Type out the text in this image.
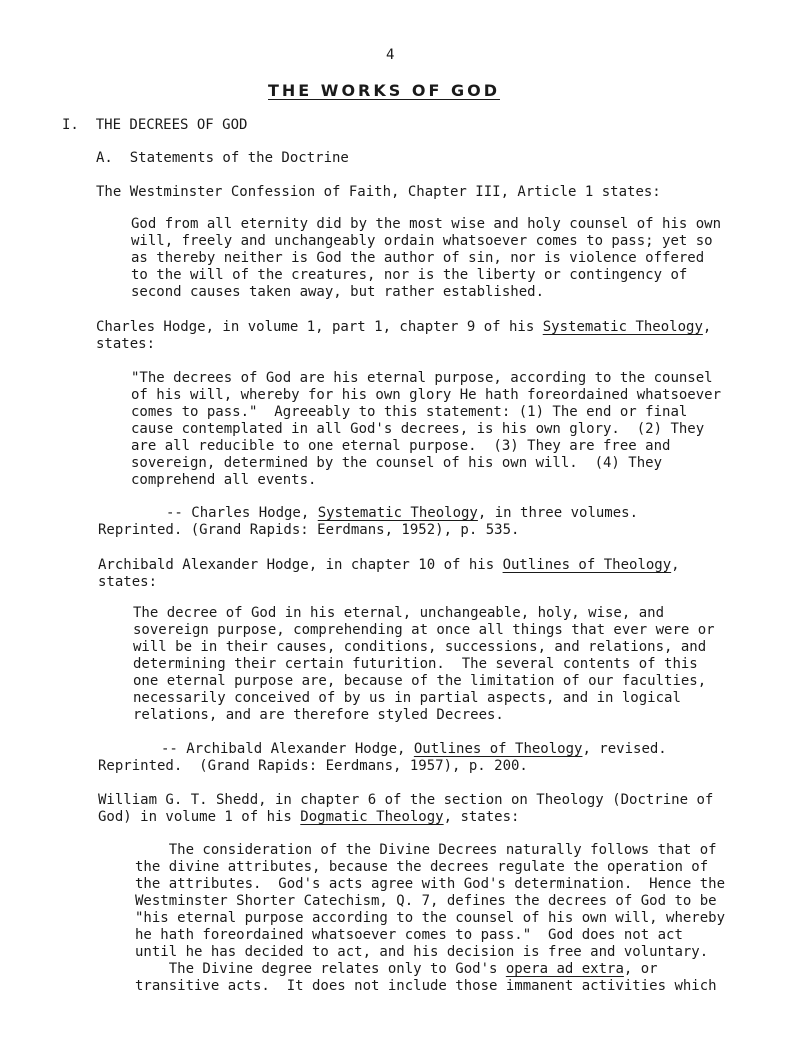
4
THE WORKS OF GOD
I.  THE DECREES OF GOD
A.  Statements of the Doctrine
The Westminster Confession of Faith, Chapter III, Article 1 states:
God from all eternity did by the most wise and holy counsel of his own
will, freely and unchangeably ordain whatsoever comes to pass; yet so
as thereby neither is God the author of sin, nor is violence offered
to the will of the creatures, nor is the liberty or contingency of
second causes taken away, but rather established.
Charles Hodge, in volume 1, part 1, chapter 9 of his Systematic Theology,
states:
"The decrees of God are his eternal purpose, according to the counsel
of his will, whereby for his own glory He hath foreordained whatsoever
comes to pass."  Agreeably to this statement: (1) The end or final
cause contemplated in all God's decrees, is his own glory.  (2) They
are all reducible to one eternal purpose.  (3) They are free and
sovereign, determined by the counsel of his own will.  (4) They
comprehend all events.
-- Charles Hodge, Systematic Theology, in three volumes.
Reprinted. (Grand Rapids: Eerdmans, 1952), p. 535.
Archibald Alexander Hodge, in chapter 10 of his Outlines of Theology,
states:
The decree of God in his eternal, unchangeable, holy, wise, and
sovereign purpose, comprehending at once all things that ever were or
will be in their causes, conditions, successions, and relations, and
determining their certain futurition.  The several contents of this
one eternal purpose are, because of the limitation of our faculties,
necessarily conceived of by us in partial aspects, and in logical
relations, and are therefore styled Decrees.
-- Archibald Alexander Hodge, Outlines of Theology, revised.
Reprinted.  (Grand Rapids: Eerdmans, 1957), p. 200.
William G. T. Shedd, in chapter 6 of the section on Theology (Doctrine of
God) in volume 1 of his Dogmatic Theology, states:
The consideration of the Divine Decrees naturally follows that of
the divine attributes, because the decrees regulate the operation of
the attributes.  God's acts agree with God's determination.  Hence the
Westminster Shorter Catechism, Q. 7, defines the decrees of God to be
"his eternal purpose according to the counsel of his own will, whereby
he hath foreordained whatsoever comes to pass."  God does not act
until he has decided to act, and his decision is free and voluntary.
The Divine degree relates only to God's opera ad extra, or
transitive acts.  It does not include those immanent activities which
